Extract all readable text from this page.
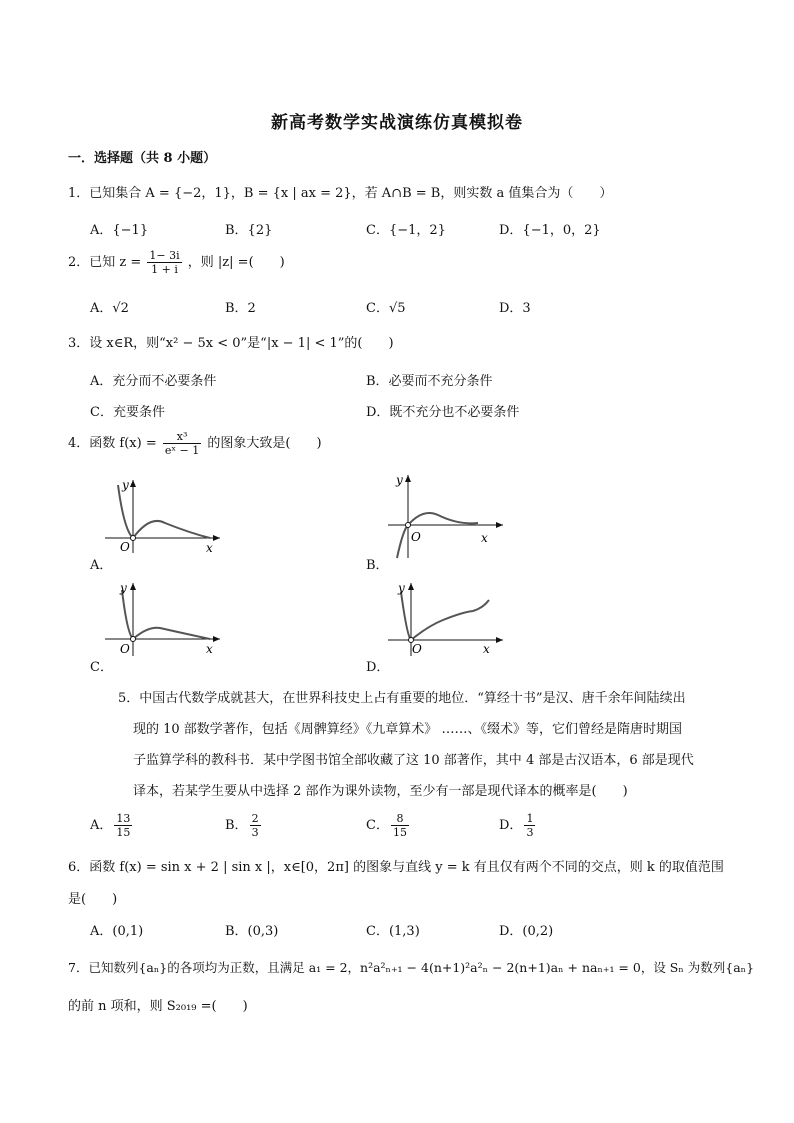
新高考数学实战演练仿真模拟卷
一．选择题（共 8 小题）
1．已知集合 A = {−2，1}，B = {x | ax = 2}，若 A∩B = B，则实数 a 值集合为（　　）
A．{−1}	B．{2}	C．{−1，2}	D．{−1，0，2}
2．已知 $z = \frac{1- 3i}{1 + i}$ ，则 |z| =(　　)
A．√2	B．2	C．√5	D．3
3．设 x∈R，则“x² − 5x < 0”是“|x − 1| < 1”的(　　)
A．充分而不必要条件	B．必要而不充分条件
C．充要条件	D．既不充分也不必要条件
4．函数 $f(x) = \frac{\text{x³}}{\text{eˣ − 1}}$ 的图象大致是(　　)
y
x
O
A．
y
x
O
B．
y
x
O
C．
y
x
O
D．
5．中国古代数学成就甚大，在世界科技史上占有重要的地位．“算经十书”是汉、唐千余年间陆续出
现的 10 部数学著作，包括《周髀算经》《九章算术》 ……、《缀术》等，它们曾经是隋唐时期国
子监算学科的教科书．某中学图书馆全部收藏了这 10 部著作，其中 4 部是古汉语本，6 部是现代
译本，若某学生要从中选择 2 部作为课外读物，至少有一部是现代译本的概率是(　　)
A． $\frac{13}{15}$	B． $\frac{2}{3}$	C． $\frac{8}{15}$	D． $\frac{1}{3}$
6．函数 f(x) = sin x + 2 | sin x |，x∈[0，2π] 的图象与直线 y = k 有且仅有两个不同的交点，则 k 的取值范围
是(　　)
A．(0,1)	B．(0,3)	C．(1,3)	D．(0,2)
7．已知数列{aₙ}的各项均为正数，且满足 a₁ = 2，n²a²ₙ₊₁ − 4(n+1)²a²ₙ − 2(n+1)aₙ + naₙ₊₁ = 0，设 Sₙ 为数列{aₙ}
的前 n 项和，则 S₂₀₁₉ =(　　)
